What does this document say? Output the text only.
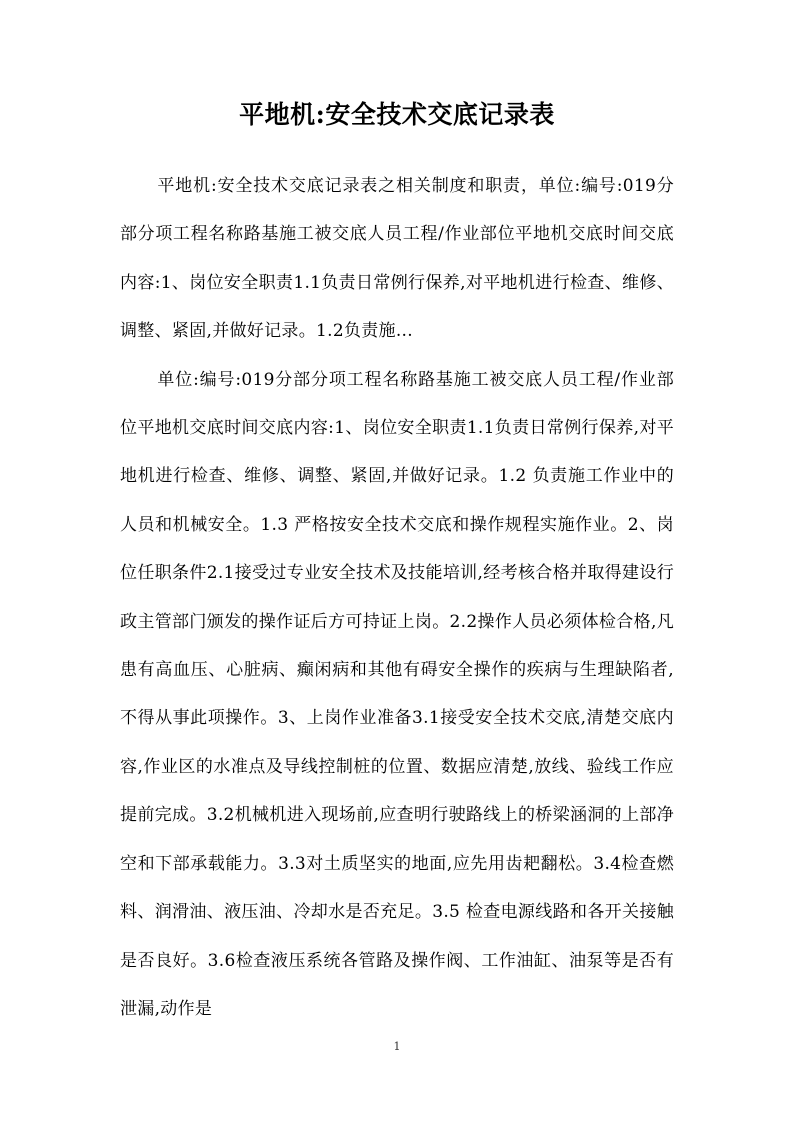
平地机:安全技术交底记录表

平地机:安全技术交底记录表之相关制度和职责，单位:编号:019分部分项工程名称路基施工被交底人员工程/作业部位平地机交底时间交底内容:1、岗位安全职责1.1负责日常例行保养,对平地机进行检查、维修、调整、紧固,并做好记录。1.2负责施...

单位:编号:019分部分项工程名称路基施工被交底人员工程/作业部位平地机交底时间交底内容:1、岗位安全职责1.1负责日常例行保养,对平地机进行检查、维修、调整、紧固,并做好记录。1.2 负责施工作业中的人员和机械安全。1.3 严格按安全技术交底和操作规程实施作业。2、岗位任职条件2.1接受过专业安全技术及技能培训,经考核合格并取得建设行政主管部门颁发的操作证后方可持证上岗。2.2操作人员必须体检合格,凡患有高血压、心脏病、癫闲病和其他有碍安全操作的疾病与生理缺陷者,不得从事此项操作。3、上岗作业准备3.1接受安全技术交底,清楚交底内容,作业区的水准点及导线控制桩的位置、数据应清楚,放线、验线工作应提前完成。3.2机械机进入现场前,应查明行驶路线上的桥梁涵洞的上部净空和下部承载能力。3.3对土质坚实的地面,应先用齿耙翻松。3.4检查燃料、润滑油、液压油、冷却水是否充足。3.5 检查电源线路和各开关接触是否良好。3.6检查液压系统各管路及操作阀、工作油缸、油泵等是否有泄漏,动作是

1
